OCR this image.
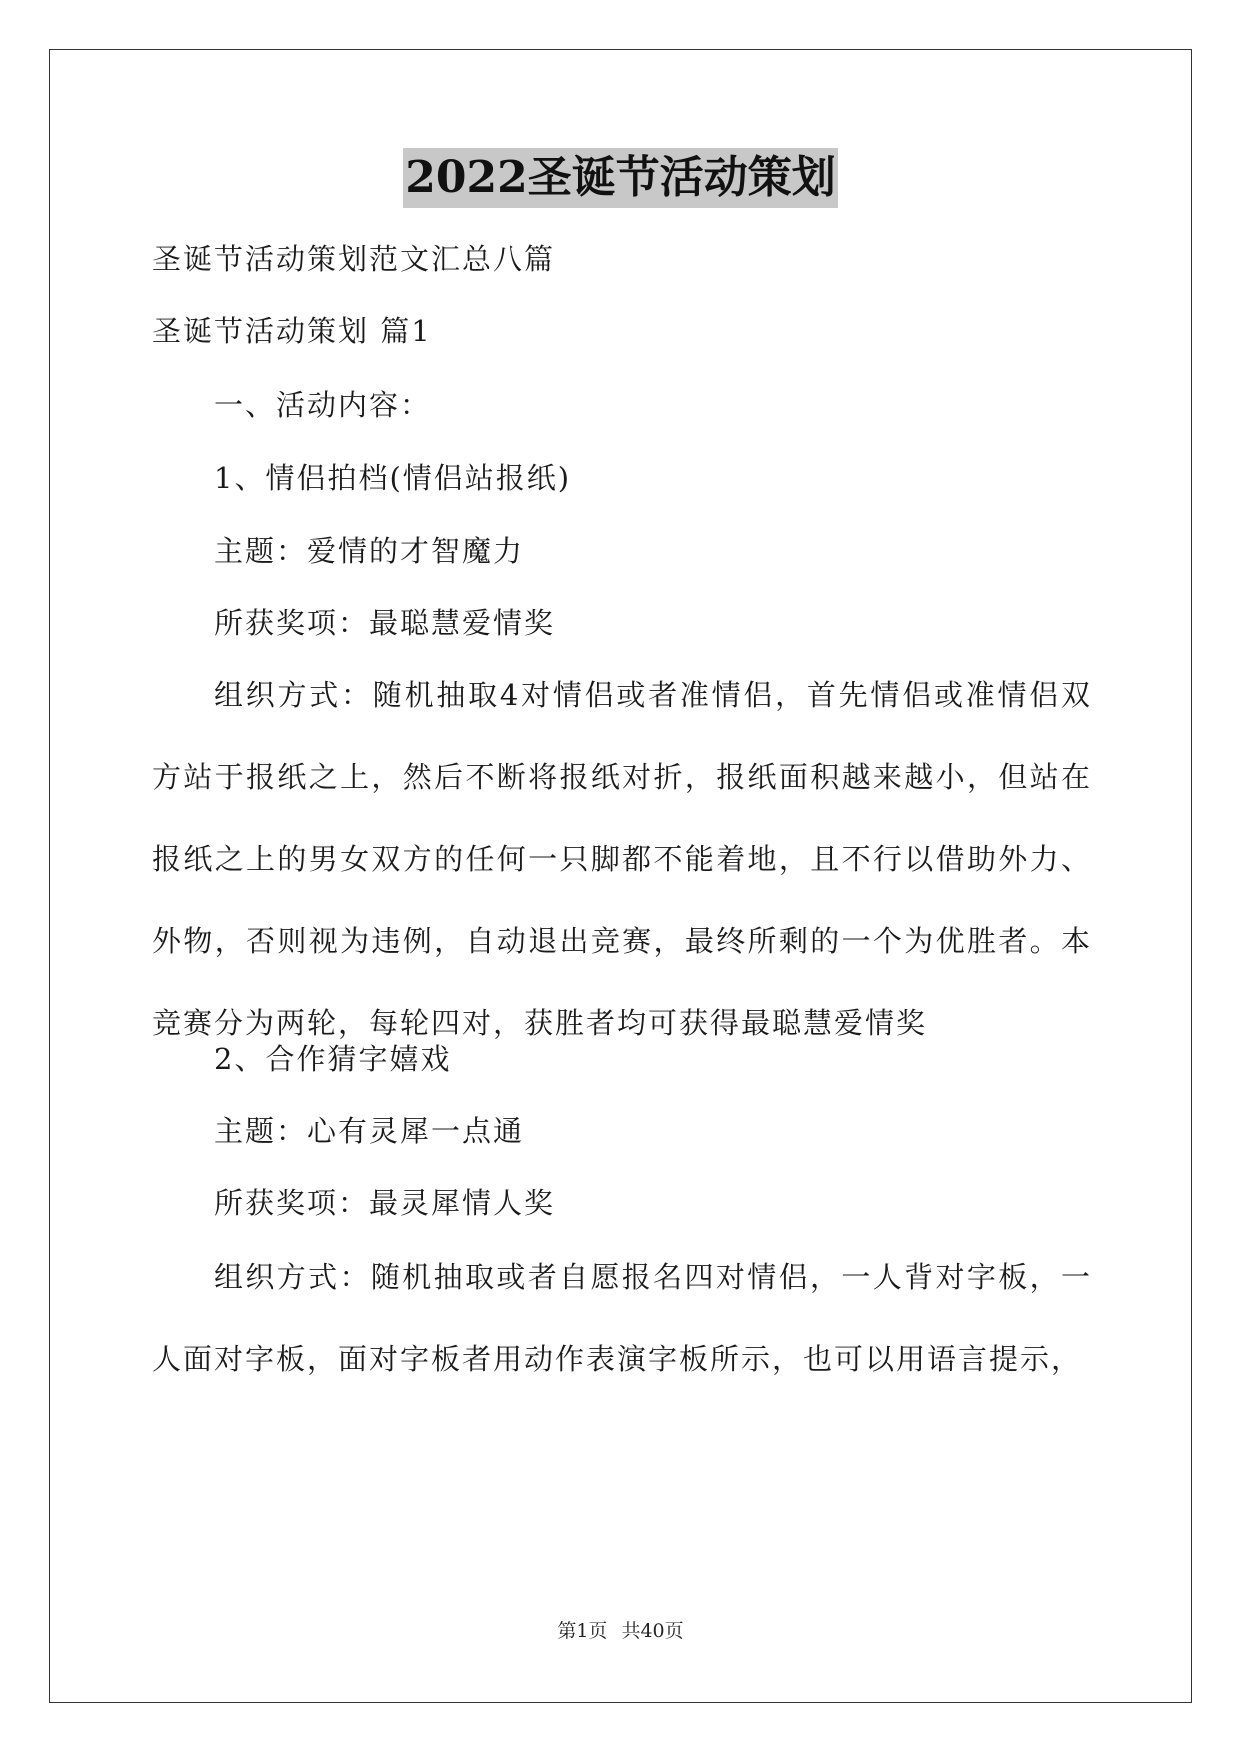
2022圣诞节活动策划
圣诞节活动策划范文汇总八篇
圣诞节活动策划 篇1
一、活动内容：
1、情侣拍档(情侣站报纸)
主题：爱情的才智魔力
所获奖项：最聪慧爱情奖
组织方式：随机抽取4对情侣或者准情侣，首先情侣或准情侣双方站于报纸之上，然后不断将报纸对折，报纸面积越来越小，但站在报纸之上的男女双方的任何一只脚都不能着地，且不行以借助外力、外物，否则视为违例，自动退出竞赛，最终所剩的一个为优胜者。本竞赛分为两轮，每轮四对，获胜者均可获得最聪慧爱情奖
2、合作猜字嬉戏
主题：心有灵犀一点通
所获奖项：最灵犀情人奖
组织方式：随机抽取或者自愿报名四对情侣，一人背对字板，一人面对字板，面对字板者用动作表演字板所示，也可以用语言提示，
第1页 共40页
